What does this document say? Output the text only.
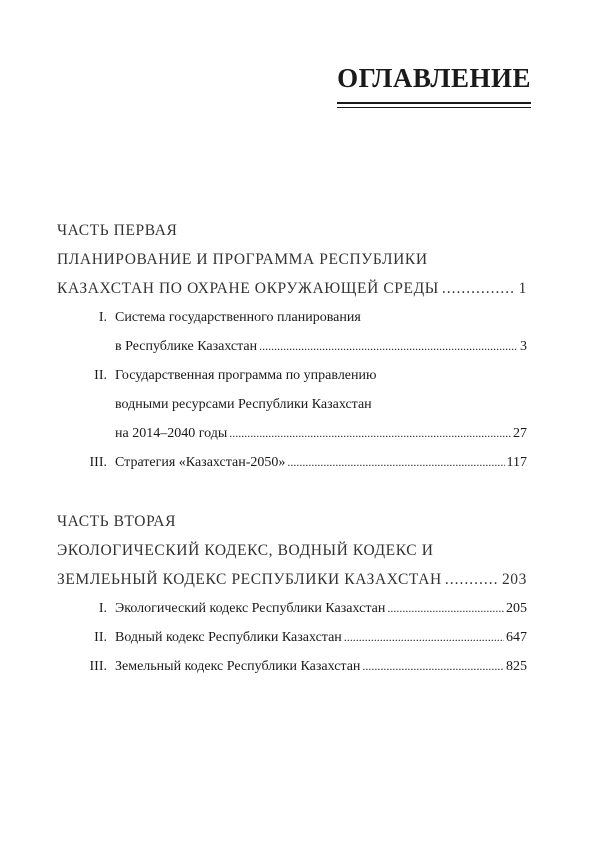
ОГЛАВЛЕНИЕ
ЧАСТЬ ПЕРВАЯ
ПЛАНИРОВАНИЕ И ПРОГРАММА РЕСПУБЛИКИ
КАЗАХСТАН ПО ОХРАНЕ ОКРУЖАЮЩЕЙ СРЕДЫ .....	1
I. Система государственного планирования
в Республике Казахстан .....	3
II. Государственная программа по управлению
водными ресурсами Республики Казахстан
на 2014–2040 годы .....	27
III. Стратегия «Казахстан-2050» .....	117
ЧАСТЬ ВТОРАЯ
ЭКОЛОГИЧЕСКИЙ КОДЕКС, ВОДНЫЙ КОДЕКС И
ЗЕМЛЕЬНЫЙ КОДЕКС РЕСПУБЛИКИ КАЗАХСТАН .....	203
I. Экологический кодекс Республики Казахстан .....	205
II. Водный кодекс Республики Казахстан .....	647
III. Земельный кодекс Республики Казахстан .....	825
